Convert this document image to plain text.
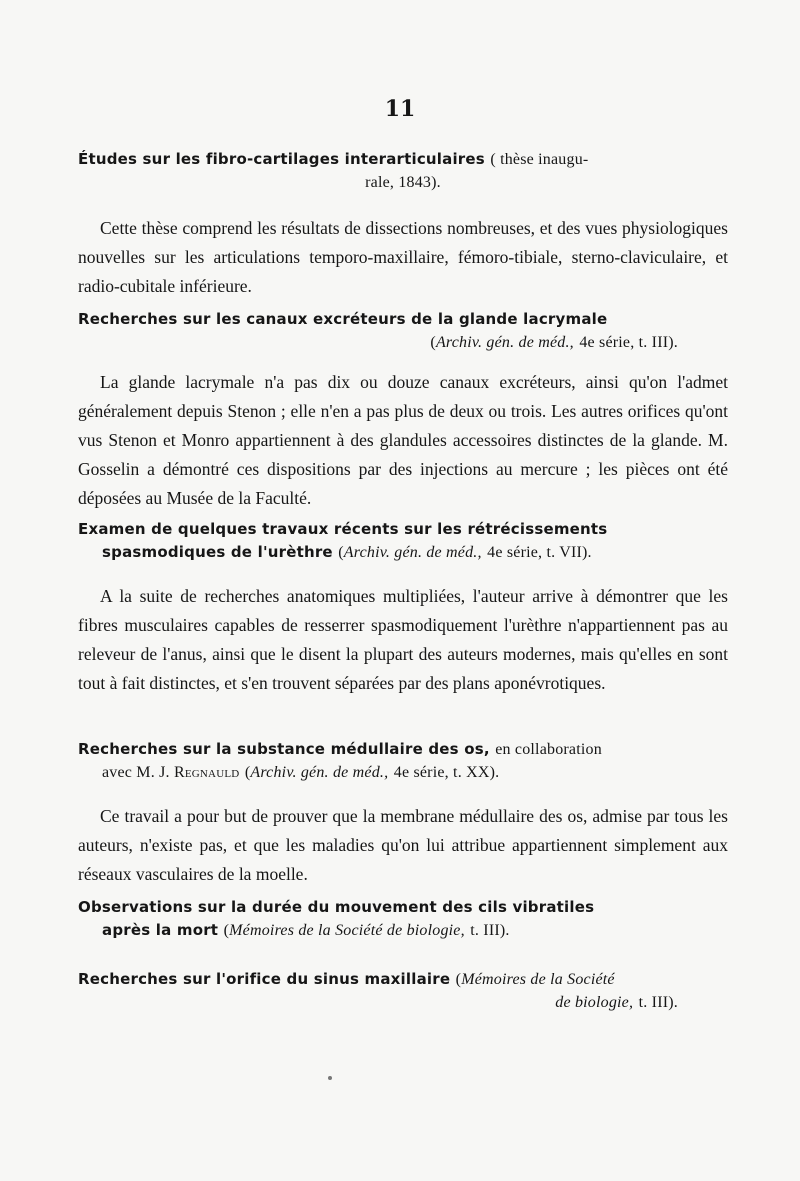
11
Études sur les fibro-cartilages interarticulaires ( thèse inaugu-
rale, 1843).
Cette thèse comprend les résultats de dissections nombreuses, et des vues physiologiques nouvelles sur les articulations temporo-maxillaire, fémoro-tibiale, sterno-claviculaire, et radio-cubitale inférieure.
Recherches sur les canaux excréteurs de la glande lacrymale
(Archiv. gén. de méd., 4e série, t. III).
La glande lacrymale n'a pas dix ou douze canaux excréteurs, ainsi qu'on l'admet généralement depuis Stenon ; elle n'en a pas plus de deux ou trois. Les autres orifices qu'ont vus Stenon et Monro appartiennent à des glandules accessoires distinctes de la glande. M. Gosselin a démontré ces dispositions par des injections au mercure ; les pièces ont été déposées au Musée de la Faculté.
Examen de quelques travaux récents sur les rétrécissements
spasmodiques de l'urèthre (Archiv. gén. de méd., 4e série, t. VII).
A la suite de recherches anatomiques multipliées, l'auteur arrive à démontrer que les fibres musculaires capables de resserrer spasmodiquement l'urèthre n'appartiennent pas au releveur de l'anus, ainsi que le disent la plupart des auteurs modernes, mais qu'elles en sont tout à fait distinctes, et s'en trouvent séparées par des plans aponévrotiques.
Recherches sur la substance médullaire des os, en collaboration
avec M. J. Regnauld (Archiv. gén. de méd., 4e série, t. XX).
Ce travail a pour but de prouver que la membrane médullaire des os, admise par tous les auteurs, n'existe pas, et que les maladies qu'on lui attribue appartiennent simplement aux réseaux vasculaires de la moelle.
Observations sur la durée du mouvement des cils vibratiles
après la mort (Mémoires de la Société de biologie, t. III).
Recherches sur l'orifice du sinus maxillaire (Mémoires de la Société
de biologie, t. III).
